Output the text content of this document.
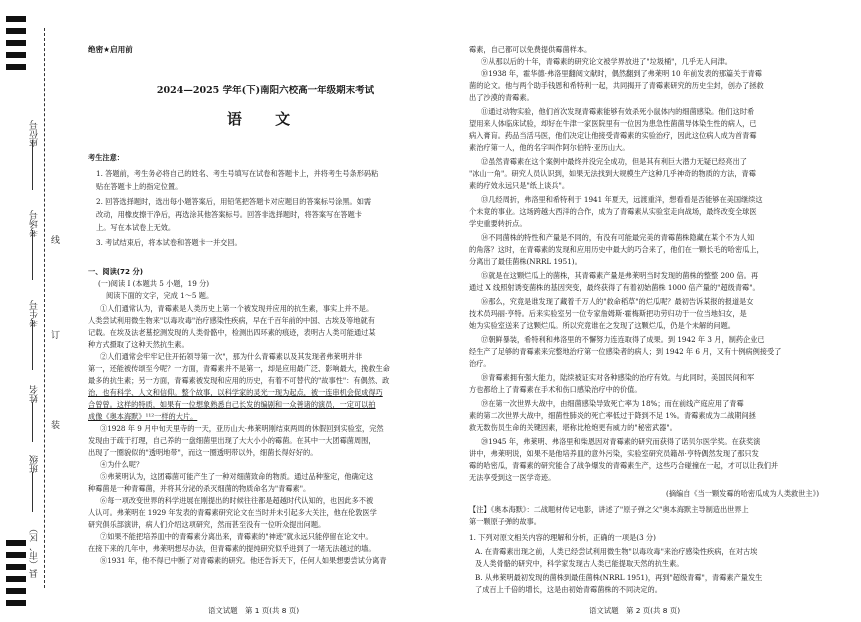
座位号
考场号
考生号
姓名
班级
县（市、区）
线
订
装
绝密★启用前
2024—2025 学年(下)南阳六校高一年级期末考试
语 文
考生注意：
1. 答题前，考生务必将自己的姓名、考生号填写在试卷和答题卡上，并将考生号条形码粘
贴在答题卡上的指定位置。
2. 回答选择题时，选出每小题答案后，用铅笔把答题卡对应题目的答案标号涂黑。如需
改动，用橡皮擦干净后，再选涂其他答案标号。回答非选择题时，将答案写在答题卡
上。写在本试卷上无效。
3. 考试结束后，将本试卷和答题卡一并交回。
一、阅读(72 分)
(一)阅读 I (本题共 5 小题，19 分)
阅读下面的文字，完成 1～5 题。
①人们通常认为，青霉素是人类历史上第一个被发现并应用的抗生素，事实上并不是。
人类尝试利用微生物来"以毒攻毒"治疗感染性疾病，早在千百年前的中国、古埃及等地就有
记载。在埃及法老墓挖测发现的人类骨骼中，检测出四环素的痕迹，表明古人类可能通过某
种方式摄取了这种天然抗生素。
②人们通常会牢牢记住开拓领导第一次"，那为什么青霉素以及其发现者弗莱明并非
第一，还能被传颂至今呢？一方面，青霉素并不是第一，却是应用最广泛、影响最大，挽救生命
最多的抗生素；另一方面，青霉素被发现和应用的历史，有着不可替代的"故事性"：有偶然、政
治，也有科学、人文和信仰。整个故事，以科学家的灵光一现为起点，被一连串机会促成得巧
合曾曾。这样的特质，如果有一位想象熟悉自己长发的编剧和一众善诸的演员，一定可以拍
成像《奥本海默》¹¹²一样的大片。
③1928 年 9 月中旬天里寺的一天，亚历山大·弗莱明刚结束两周的休假回到实验室，完然
发现由于疏于打理，自己养的一盘细菌里出现了大大小小的霉菌。在其中一大团霉菌周围，
出现了一圈貌似的"透明地带"，而这一圈透明带以外，细菌长得好好的。
④为什么呢？
⑤弗莱明认为，这团霉菌可能产生了一种对细菌致命的物质。通过品种鉴定，他确定这
种霉菌是一种青霉菌，并将其分泌的杀灭细菌的物质命名为"青霉素"。
⑥每一项改变世界的科学进展在刚提出的时候往往都是超越时代认知的，也因此多不被
人认可。弗莱明在 1929 年发表的青霉素研究论文在当时并未引起多大关注，他在伦敦医学
研究俱乐部演讲，病人们介绍这项研究，然而甚至没有一位听众提出问题。
⑦如果不能把培养皿中的青霉素分离出来，青霉素的"神迹"就永远只能停留在论文中。
在接下来的几年中，弗莱明想尽办法，但青霉素的提纯研究似乎进到了一堵无法越过的墙。
⑧1931 年，他不得已中断了对青霉素的研究。他还告诉天下，任何人如果想要尝试分离青
语文试题　第 1 页(共 8 页)
霉素，自己都可以免费提供霉菌样本。
⑨从那以后的十年，青霉素的研究论文被学界放进了"垃圾桶"，几乎无人问津。
⑩1938 年，霍华德·弗洛里翻阅文献时，偶然翻到了弗莱明 10 年前发表的那篇关于青霉
菌的论文。他与两个助手钱恩和希特利一起，共同揭开了青霉素研究的历史尘封，创办了拯救
出了沙漠的青霉素。
⑪通过动物实验，他们首次发现青霉素能够有效杀死小鼠体内的细菌感染。他们这时希
望用来人体临床试验，却好在牛津一家医院里有一位因为患急性菌菌导体染生性的病人，已
病入膏肓。药品当活马医，他们决定让他接受青霉素的实验治疗，因此这位病人成为首青霉
素治疗第一人，他的名字叫作阿尔伯特·亚历山大。
⑫虽然青霉素在这个案例中最终并没完全成功，但是其有利巨大潜力无疑已经亮出了
"冰山一角"。研究人员认识到，如果无法找到大规模生产这种几乎神奇的物质的方法，青霉
素的疗效永远只是"纸上谈兵"。
⑬几经周折，弗洛里和希特利于 1941 年夏天，远渡重洋，想看看是否能够在美国继续这
个未竟的事业。这场跨越大西洋的合作，成为了青霉素从实验室走向战场，最终改变全球医
学史重要转折点。
⑭不同菌株的特性和产量是不同的，有没有可能最完美的青霉菌株隐藏在某个不为人知
的角落？这时，在青霉素的发现和应用历史中最大的巧合来了，他们在一颗长毛的哈密瓜上，
分离出了最佳菌株(NRRL 1951)。
⑮就是在这颗烂瓜上的菌株，其青霉素产量是弗莱明当时发现的菌株的整整 200 倍。再
通过 X 线照射诱变菌株的基因突变，最终获得了有着初始菌株 1000 倍产量的"超级青霉"。
⑯那么，究竟是谁发现了藏着千万人的"救命稻草"的烂瓜呢？最初告诉某报的报道是女
技术员玛丽·亨特。后来实验室另一位专家詹姆斯·霍梅斯把功劳归功于一位当地妇女，是
她为实验室送来了这颗烂瓜。所以究竟谁在之发现了这颗烂瓜，仍是个未解的问题。
⑰朝鲜暴装，希特利和弗洛里的不懈努力连连取得了成果。到 1942 年 3 月，制药企业已
经生产了足够的青霉素来完整地治疗第一位感染者的病人；到 1942 年 6 月，又有十例病例接受了
治疗。
⑱青霉素拥有强大能力，陆续被证实对各种感染的治疗有效。与此同时，美国民间和军
方也都给上了青霉素在手术和伤口感染治疗中的价值。
⑲在第一次世界大战中，由细菌感染导致死亡率为 18%；而在前线产庭应用了青霉
素的第二次世界大战中，细菌性肺炎的死亡率低过于降到不足 1%。青霉素成为二战期间拯
救无数伤员生命的关键因素，堪称比枪炮更有威力的"秘密武器"。
⑳1945 年，弗莱明、弗洛里和柴恩因对青霉素的研究而获得了诺贝尔医学奖。在获奖演
讲中，弗莱明说，如果不是他培养皿的意外污染，实验室研究员籍昂·亨特偶然发现了那只发
霉的哈密瓜，青霉素的研究能合了战争爆发的青霉素生产，这些巧合碰撞在一起，才可以让我们并
无法享受到这一医学奇迹。
(摘编自《当一颗发霉的哈密瓜成为人类救世主》)
【注】《奥本海默》：二战题材传记电影，讲述了"原子弹之父"奥本海默主导制造出世界上
第一颗原子弹的故事。
1. 下列对原文相关内容的理解和分析，正确的一项是(3 分)
A. 在青霉素出现之前，人类已经尝试利用微生物"以毒攻毒"来治疗感染性疾病，在对古埃
及人类骨骼的研究中，科学家发现古人类已能提取天然的抗生素。
B. 从弗莱明最初发现的菌株到最佳菌株(NRRL 1951)，再到"超级青霉"，青霉素产量发生
了成百上千倍的增长，这是由初始青霉菌株的不同决定的。
语文试题　第 2 页(共 8 页)
